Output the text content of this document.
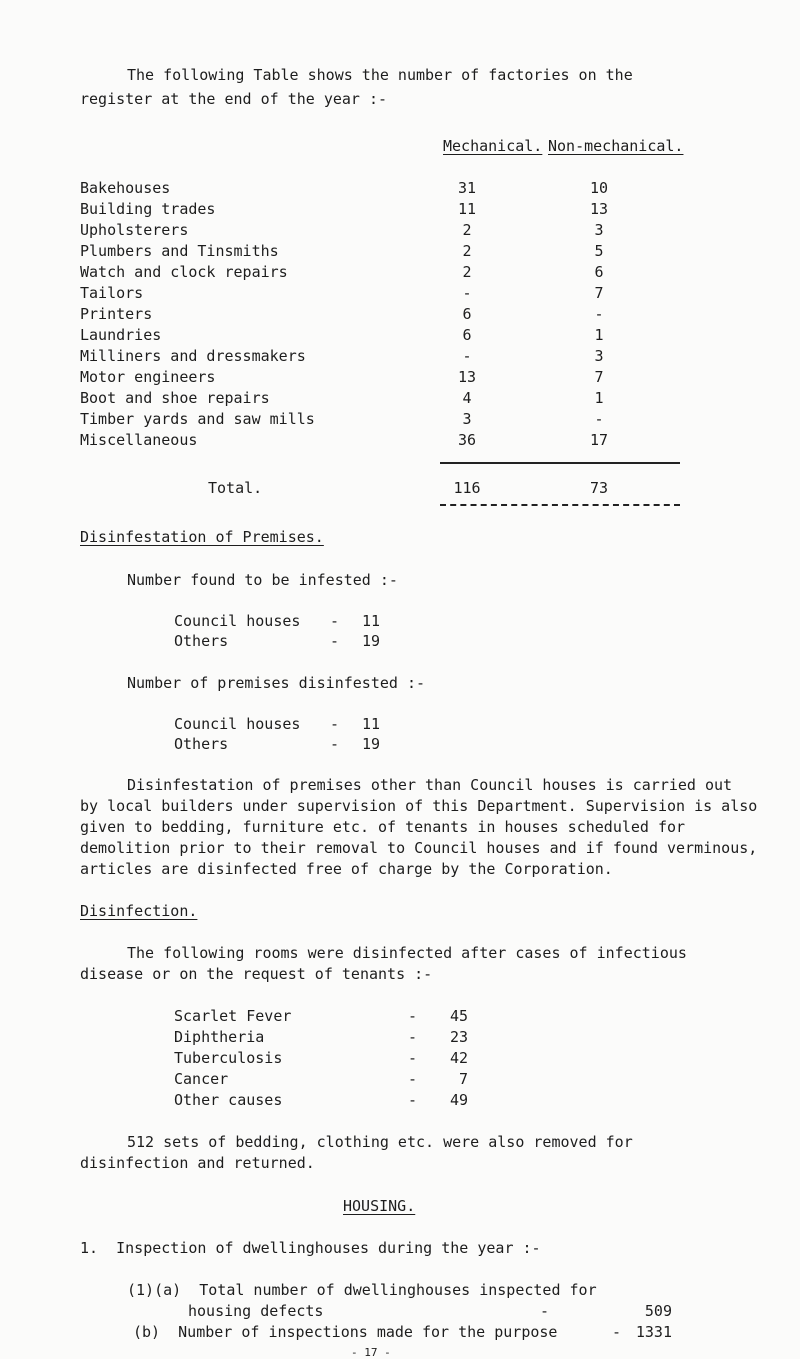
The following Table shows the number of factories on the
register at the end of the year :-
Mechanical. Non-mechanical.
Bakehouses	31	10
Building trades	11	13
Upholsterers	2	3
Plumbers and Tinsmiths	2	5
Watch and clock repairs	2	6
Tailors	-	7
Printers	6	-
Laundries	6	1
Milliners and dressmakers	-	3
Motor engineers	13	7
Boot and shoe repairs	4	1
Timber yards and saw mills	3	-
Miscellaneous	36	17
Total.	116	73
Disinfestation of Premises.
Number found to be infested :-
Council houses -	11
Others	-	19
Number of premises disinfested :-
Council houses -	11
Others	-	19
Disinfestation of premises other than Council houses is carried out
by local builders under supervision of this Department. Supervision is also
given to bedding, furniture etc. of tenants in houses scheduled for
demolition prior to their removal to Council houses and if found verminous,
articles are disinfected free of charge by the Corporation.
Disinfection.
The following rooms were disinfected after cases of infectious
disease or on the request of tenants :-
Scarlet Fever	-	45
Diphtheria	-	23
Tuberculosis	-	42
Cancer	-	7
Other causes	-	49
512 sets of bedding, clothing etc. were also removed for
disinfection and returned.
HOUSING.
1.  Inspection of dwellinghouses during the year :-
(1)(a)  Total number of dwellinghouses inspected for
housing defects	-	509
(b)  Number of inspections made for the purpose	- 1331
- 17 -
